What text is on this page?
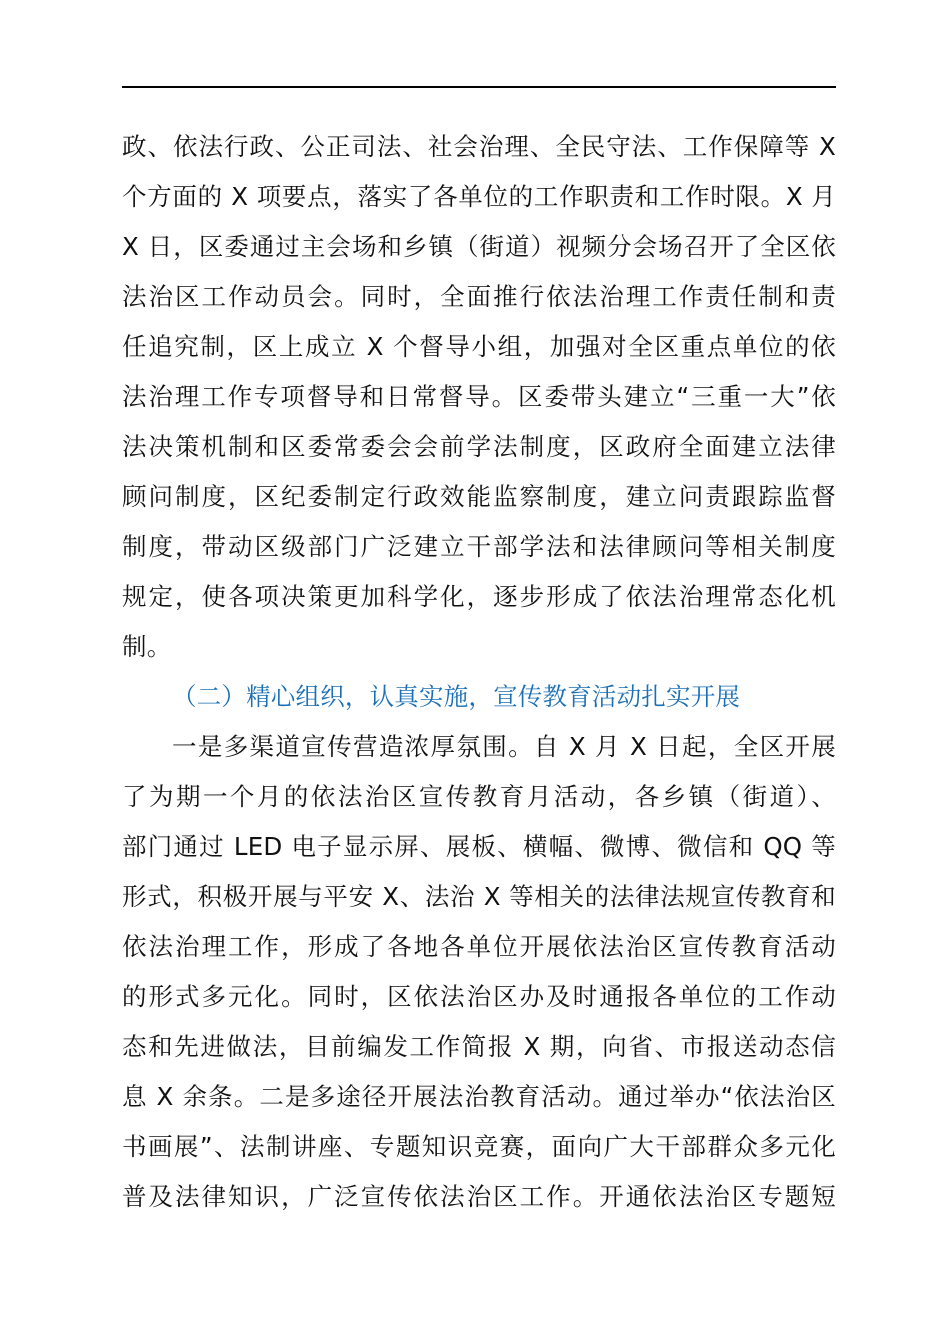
政、依法行政、公正司法、社会治理、全民守法、工作保障等 X
个方面的 X 项要点，落实了各单位的工作职责和工作时限。X 月
X 日，区委通过主会场和乡镇（街道）视频分会场召开了全区依
法治区工作动员会。同时，全面推行依法治理工作责任制和责
任追究制，区上成立 X 个督导小组，加强对全区重点单位的依
法治理工作专项督导和日常督导。区委带头建立“三重一大”依
法决策机制和区委常委会会前学法制度，区政府全面建立法律
顾问制度，区纪委制定行政效能监察制度，建立问责跟踪监督
制度，带动区级部门广泛建立干部学法和法律顾问等相关制度
规定，使各项决策更加科学化，逐步形成了依法治理常态化机
制。
（二）精心组织，认真实施，宣传教育活动扎实开展
一是多渠道宣传营造浓厚氛围。自 X 月 X 日起，全区开展
了为期一个月的依法治区宣传教育月活动，各乡镇（街道）、
部门通过 LED 电子显示屏、展板、横幅、微博、微信和 QQ 等
形式，积极开展与平安 X、法治 X 等相关的法律法规宣传教育和
依法治理工作，形成了各地各单位开展依法治区宣传教育活动
的形式多元化。同时，区依法治区办及时通报各单位的工作动
态和先进做法，目前编发工作简报 X 期，向省、市报送动态信
息 X 余条。二是多途径开展法治教育活动。通过举办“依法治区
书画展”、法制讲座、专题知识竞赛，面向广大干部群众多元化
普及法律知识，广泛宣传依法治区工作。开通依法治区专题短
